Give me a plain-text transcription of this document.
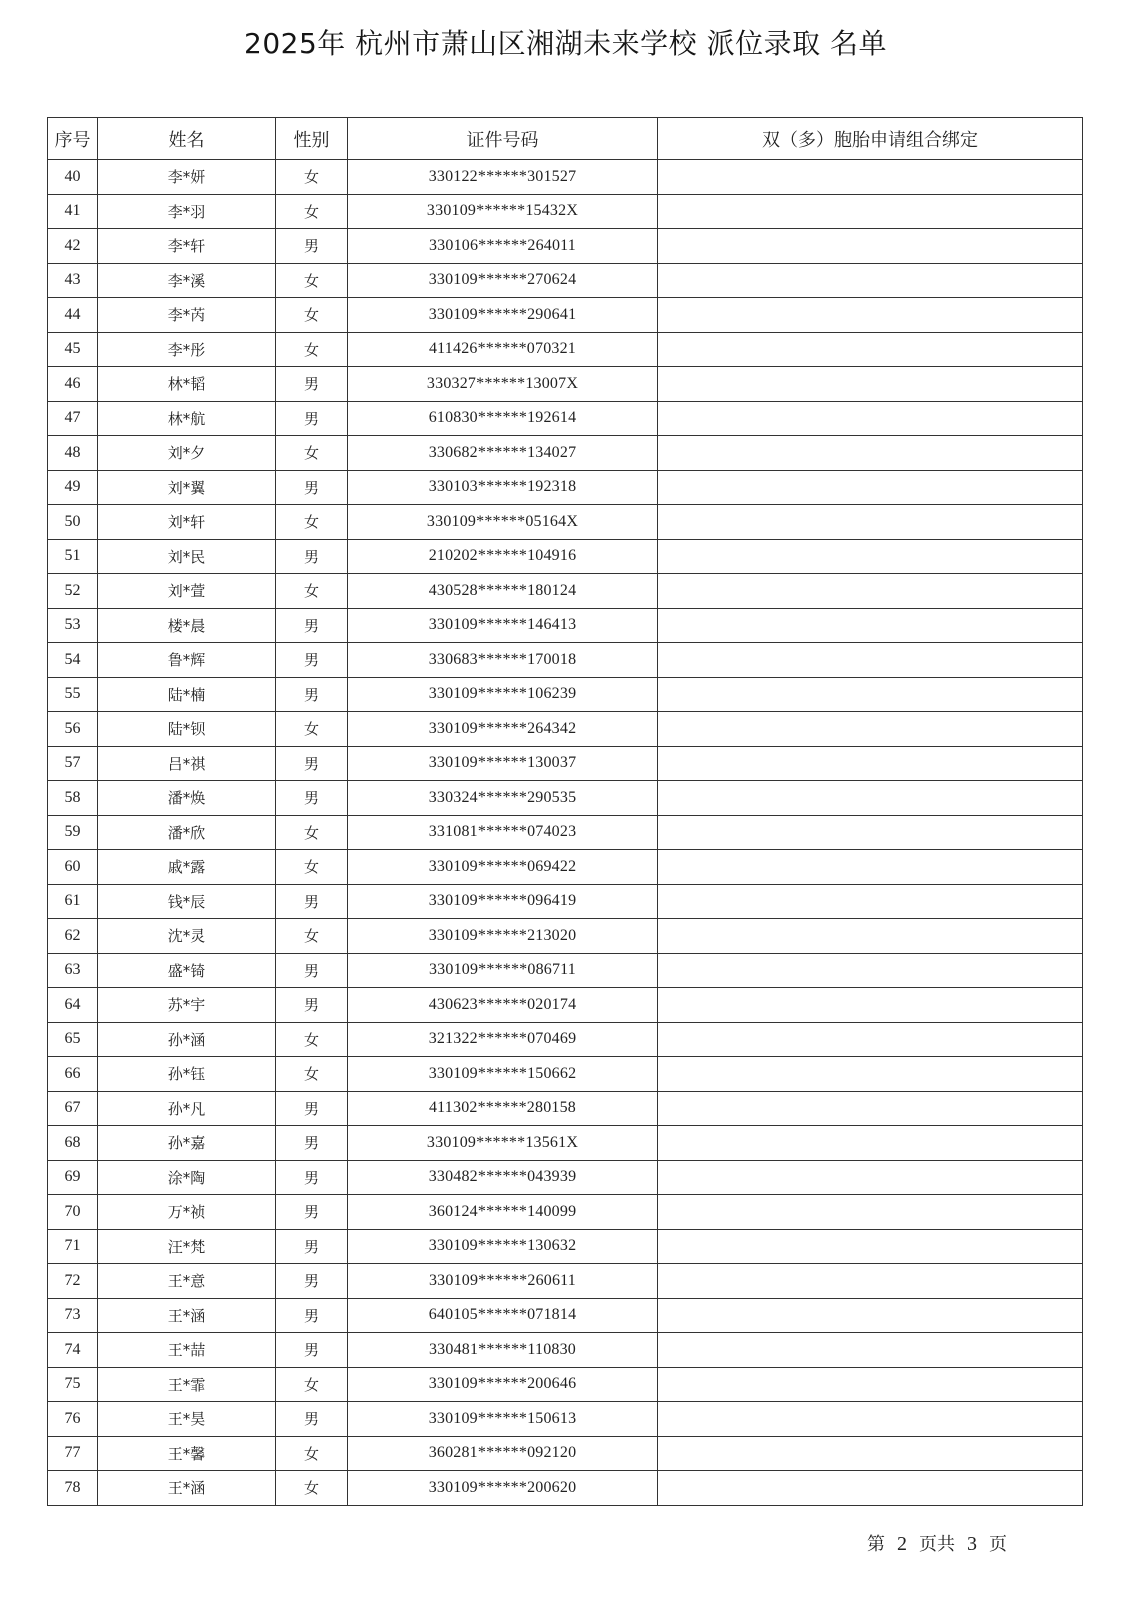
2025年 杭州市萧山区湘湖未来学校 派位录取 名单
序号	姓名	性别	证件号码	双（多）胞胎申请组合绑定
40	李*妍	女	330122******301527	
41	李*羽	女	330109******15432X	
42	李*轩	男	330106******264011	
43	李*溪	女	330109******270624	
44	李*芮	女	330109******290641	
45	李*彤	女	411426******070321	
46	林*韬	男	330327******13007X	
47	林*航	男	610830******192614	
48	刘*夕	女	330682******134027	
49	刘*翼	男	330103******192318	
50	刘*轩	女	330109******05164X	
51	刘*民	男	210202******104916	
52	刘*萱	女	430528******180124	
53	楼*晨	男	330109******146413	
54	鲁*辉	男	330683******170018	
55	陆*楠	男	330109******106239	
56	陆*钡	女	330109******264342	
57	吕*祺	男	330109******130037	
58	潘*焕	男	330324******290535	
59	潘*欣	女	331081******074023	
60	戚*露	女	330109******069422	
61	钱*辰	男	330109******096419	
62	沈*灵	女	330109******213020	
63	盛*锜	男	330109******086711	
64	苏*宇	男	430623******020174	
65	孙*涵	女	321322******070469	
66	孙*钰	女	330109******150662	
67	孙*凡	男	411302******280158	
68	孙*嘉	男	330109******13561X	
69	涂*陶	男	330482******043939	
70	万*祯	男	360124******140099	
71	汪*梵	男	330109******130632	
72	王*意	男	330109******260611	
73	王*涵	男	640105******071814	
74	王*喆	男	330481******110830	
75	王*霏	女	330109******200646	
76	王*昊	男	330109******150613	
77	王*馨	女	360281******092120	
78	王*涵	女	330109******200620	
第 2 页共 3 页
